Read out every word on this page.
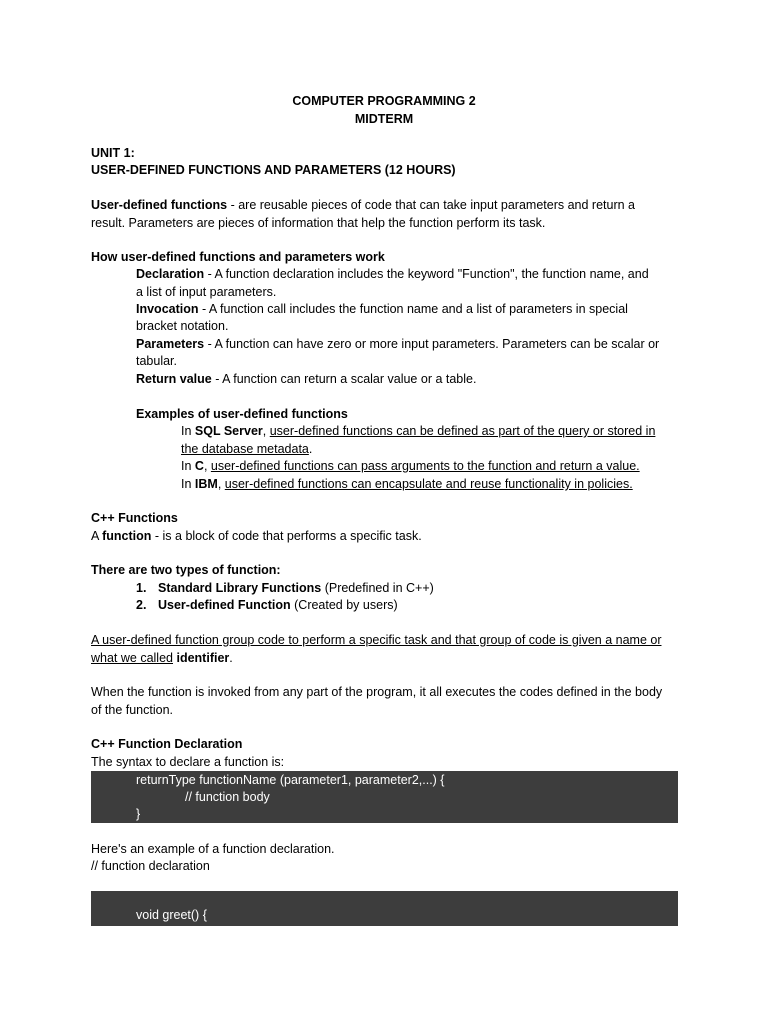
COMPUTER PROGRAMMING 2
MIDTERM
UNIT 1:
USER-DEFINED FUNCTIONS AND PARAMETERS (12 HOURS)
User-defined functions - are reusable pieces of code that can take input parameters and return a
result. Parameters are pieces of information that help the function perform its task.
How user-defined functions and parameters work
Declaration - A function declaration includes the keyword "Function", the function name, and
a list of input parameters.
Invocation - A function call includes the function name and a list of parameters in special
bracket notation.
Parameters - A function can have zero or more input parameters. Parameters can be scalar or
tabular.
Return value - A function can return a scalar value or a table.
Examples of user-defined functions
In SQL Server, user-defined functions can be defined as part of the query or stored in
the database metadata.
In C, user-defined functions can pass arguments to the function and return a value.
In IBM, user-defined functions can encapsulate and reuse functionality in policies.
C++ Functions
A function - is a block of code that performs a specific task.
There are two types of function:
1. Standard Library Functions (Predefined in C++)
2. User-defined Function (Created by users)
A user-defined function group code to perform a specific task and that group of code is given a name or
what we called identifier.
When the function is invoked from any part of the program, it all executes the codes defined in the body
of the function.
C++ Function Declaration
The syntax to declare a function is:
returnType functionName (parameter1, parameter2,...) {
// function body
}
Here's an example of a function declaration.
// function declaration
void greet() {
